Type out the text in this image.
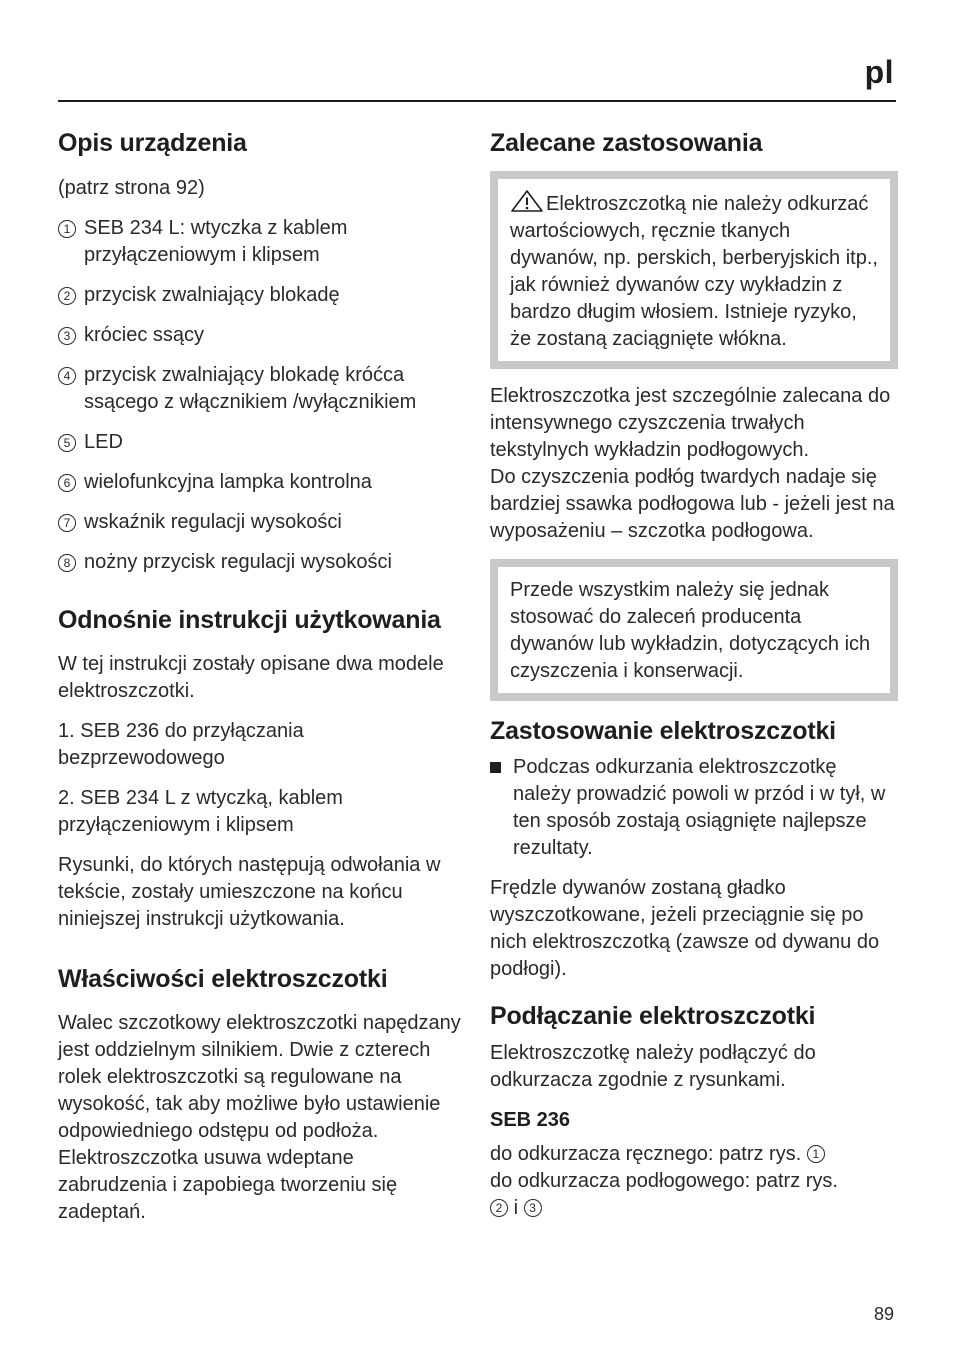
pl
Opis urządzenia

(patrz strona 92)

1 SEB 234 L: wtyczka z kablem przyłączeniowym i klipsem
2 przycisk zwalniający blokadę
3 króciec ssący
4 przycisk zwalniający blokadę króćca ssącego z włącznikiem /wyłącznikiem
5 LED
6 wielofunkcyjna lampka kontrolna
7 wskaźnik regulacji wysokości
8 nożny przycisk regulacji wysokości
Odnośnie instrukcji użytkowania

W tej instrukcji zostały opisane dwa modele elektroszczotki.

1. SEB 236 do przyłączania bezprzewodowego

2. SEB 234 L z wtyczką, kablem przyłączeniowym i klipsem

Rysunki, do których następują odwołania w tekście, zostały umieszczone na końcu niniejszej instrukcji użytkowania.

Właściwości elektroszczotki

Walec szczotkowy elektroszczotki napędzany jest oddzielnym silnikiem. Dwie z czterech rolek elektroszczotki są regulowane na wysokość, tak aby możliwe było ustawienie odpowiedniego odstępu od podłoża. Elektroszczotka usuwa wdeptane zabrudzenia i zapobiega tworzeniu się zadeptań.

Zalecane zastosowania

Elektroszczotką nie należy odkurzać wartościowych, ręcznie tkanych dywanów, np. perskich, berberyjskich itp., jak również dywanów czy wykładzin z bardzo długim włosiem. Istnieje ryzyko, że zostaną zaciągnięte włókna.

Elektroszczotka jest szczególnie zalecana do intensywnego czyszczenia trwałych tekstylnych wykładzin podłogowych.

Do czyszczenia podłóg twardych nadaje się bardziej ssawka podłogowa lub - jeżeli jest na wyposażeniu – szczotka podłogowa.

Przede wszystkim należy się jednak stosować do zaleceń producenta dywanów lub wykładzin, dotyczących ich czyszczenia i konserwacji.

Zastosowanie elektroszczotki

Podczas odkurzania elektroszczotkę należy prowadzić powoli w przód i w tył, w ten sposób zostają osiągnięte najlepsze rezultaty.

Frędzle dywanów zostaną gładko wyszczotkowane, jeżeli przeciągnie się po nich elektroszczotką (zawsze od dywanu do podłogi).

Podłączanie elektroszczotki

Elektroszczotkę należy podłączyć do odkurzacza zgodnie z rysunkami.

SEB 236

do odkurzacza ręcznego: patrz rys. 1

do odkurzacza podłogowego: patrz rys.

2 i 3

89
